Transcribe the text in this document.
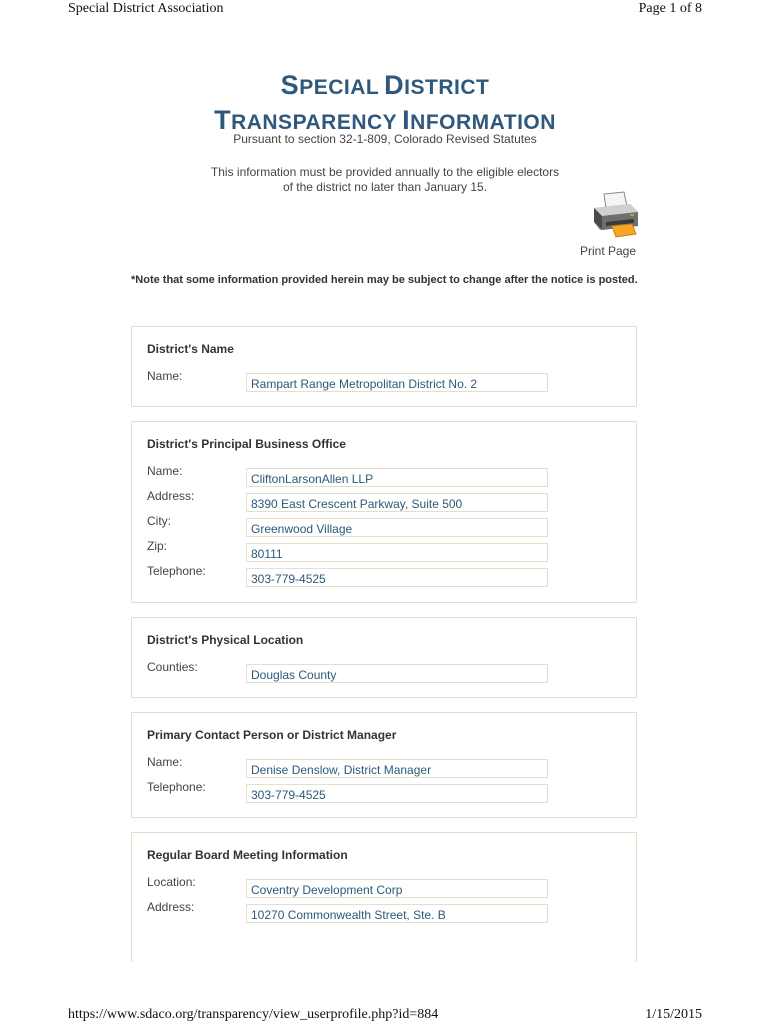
Special District Association	Page 1 of 8
SPECIAL DISTRICT
TRANSPARENCY INFORMATION
Pursuant to section 32-1-809, Colorado Revised Statutes
This information must be provided annually to the eligible electors
of the district no later than January 15.
Print Page
*Note that some information provided herein may be subject to change after the notice is posted.
District's Name
Name:
Rampart Range Metropolitan District No. 2
District's Principal Business Office
Name:
CliftonLarsonAllen LLP
Address:
8390 East Crescent Parkway, Suite 500
City:
Greenwood Village
Zip:
80111
Telephone:
303-779-4525
District's Physical Location
Counties:
Douglas County
Primary Contact Person or District Manager
Name:
Denise Denslow, District Manager
Telephone:
303-779-4525
Regular Board Meeting Information
Location:
Coventry Development Corp
Address:
10270 Commonwealth Street, Ste. B
https://www.sdaco.org/transparency/view_userprofile.php?id=884	1/15/2015
